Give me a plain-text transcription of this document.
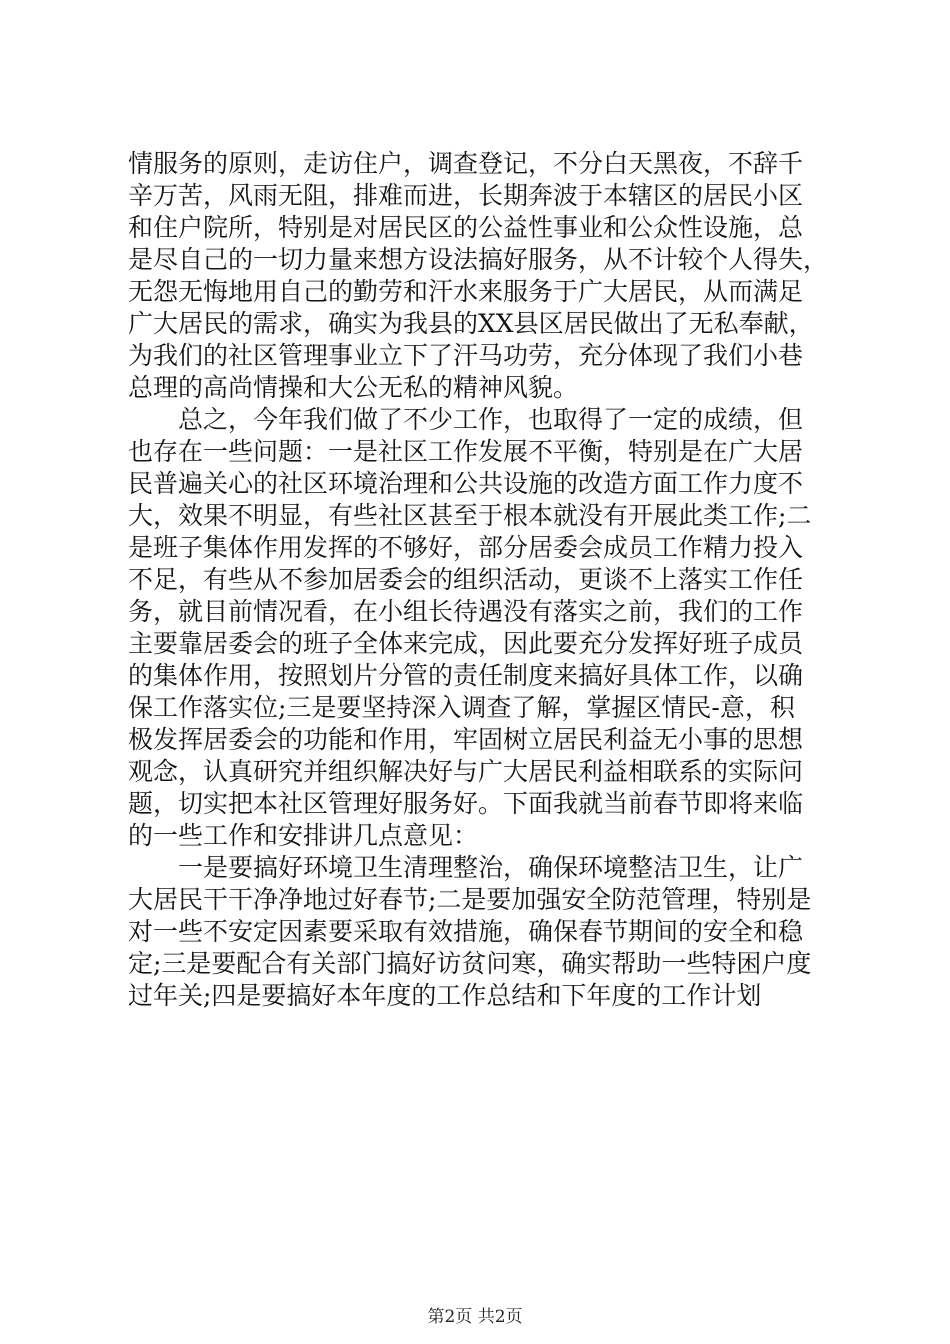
情服务的原则，走访住户，调查登记，不分白天黑夜，不辞千
辛万苦，风雨无阻，排难而进，长期奔波于本辖区的居民小区
和住户院所，特别是对居民区的公益性事业和公众性设施，总
是尽自己的一切力量来想方设法搞好服务，从不计较个人得失，
无怨无悔地用自己的勤劳和汗水来服务于广大居民，从而满足
广大居民的需求，确实为我县的XX县区居民做出了无私奉献，
为我们的社区管理事业立下了汗马功劳，充分体现了我们小巷
总理的高尚情操和大公无私的精神风貌。
　　总之，今年我们做了不少工作，也取得了一定的成绩，但
也存在一些问题：一是社区工作发展不平衡，特别是在广大居
民普遍关心的社区环境治理和公共设施的改造方面工作力度不
大，效果不明显，有些社区甚至于根本就没有开展此类工作;二
是班子集体作用发挥的不够好，部分居委会成员工作精力投入
不足，有些从不参加居委会的组织活动，更谈不上落实工作任
务，就目前情况看，在小组长待遇没有落实之前，我们的工作
主要靠居委会的班子全体来完成，因此要充分发挥好班子成员
的集体作用，按照划片分管的责任制度来搞好具体工作，以确
保工作落实位;三是要坚持深入调查了解，掌握区情民-意，积
极发挥居委会的功能和作用，牢固树立居民利益无小事的思想
观念，认真研究并组织解决好与广大居民利益相联系的实际问
题，切实把本社区管理好服务好。下面我就当前春节即将来临
的一些工作和安排讲几点意见：
　　一是要搞好环境卫生清理整治，确保环境整洁卫生，让广
大居民干干净净地过好春节;二是要加强安全防范管理，特别是
对一些不安定因素要采取有效措施，确保春节期间的安全和稳
定;三是要配合有关部门搞好访贫问寒，确实帮助一些特困户度
过年关;四是要搞好本年度的工作总结和下年度的工作计划
第2页 共2页
